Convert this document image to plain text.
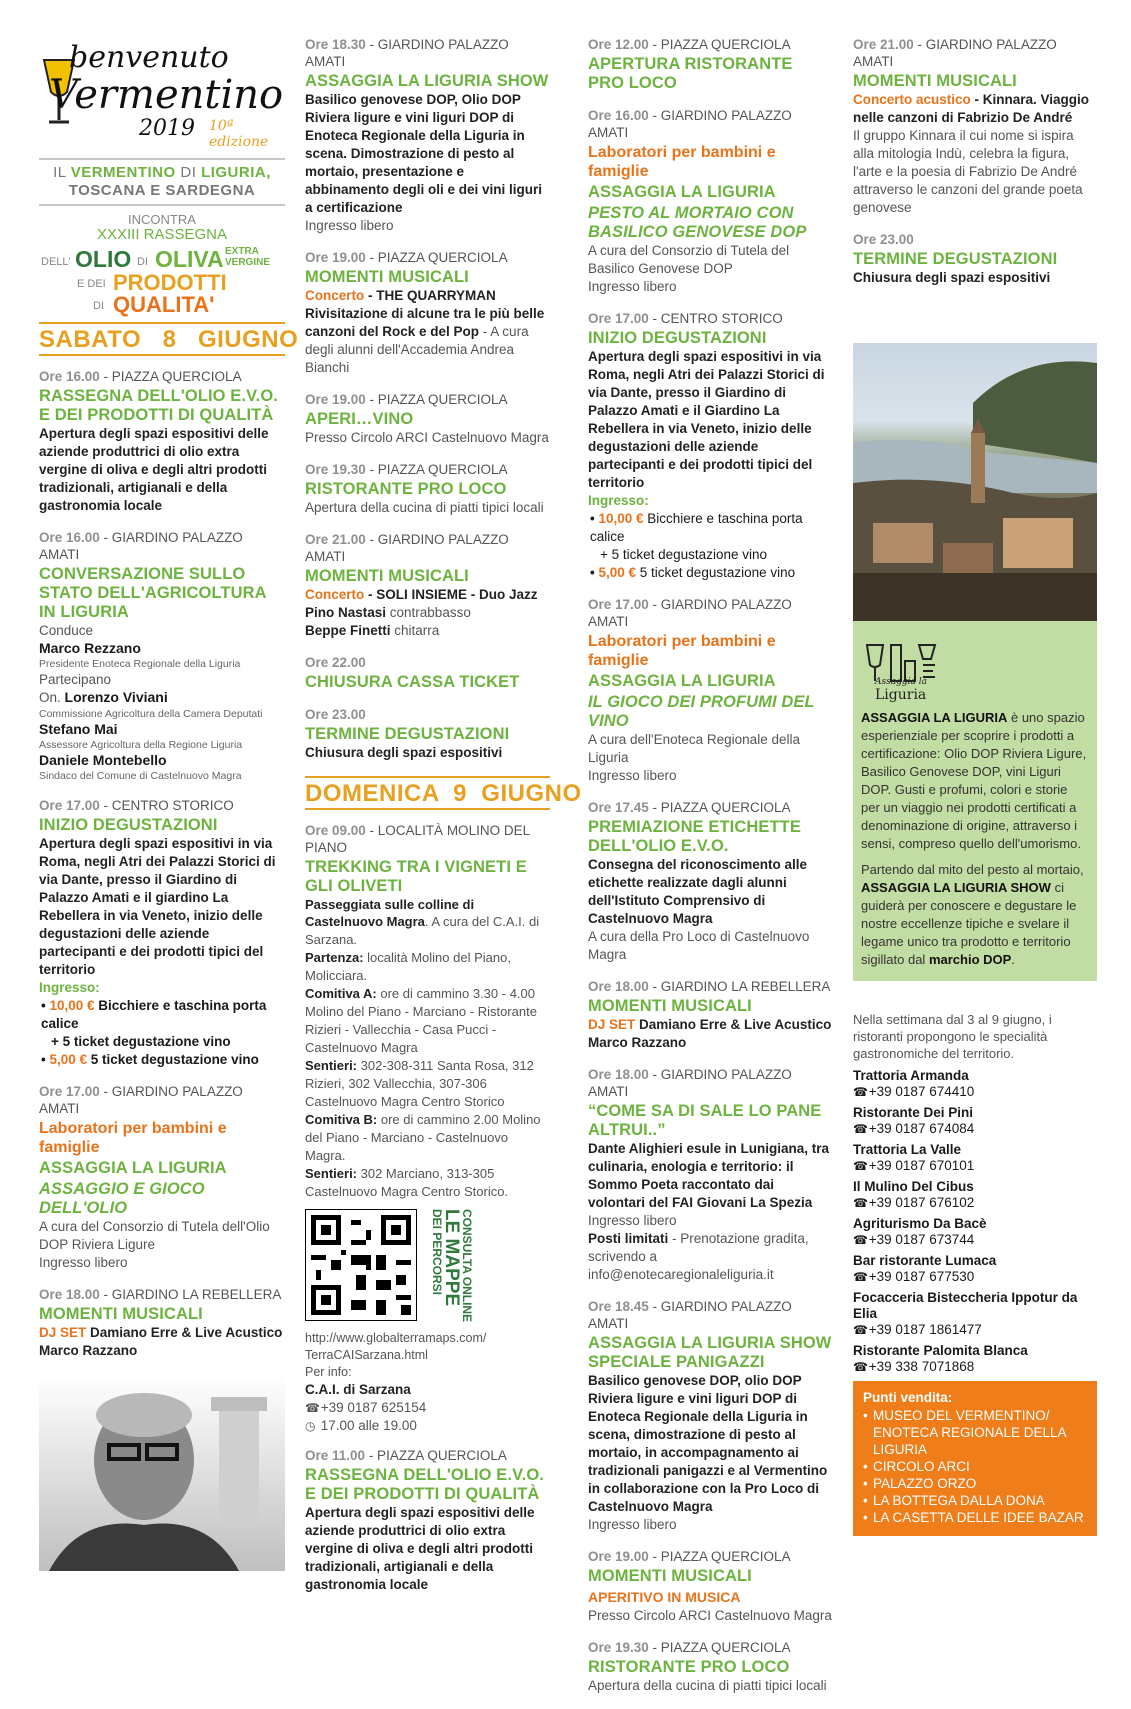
benvenuto
Vermentino
2019 10ª edizione
IL VERMENTINO DI LIGURIA,
TOSCANA E SARDEGNA
INCONTRA
XXXIII RASSEGNA
DELL' OLIO DI OLIVA EXTRA
VERGINE
E DEI PRODOTTI
DI QUALITA'
SABATO   8   GIUGNO
Ore 16.00 - PIAZZA QUERCIOLA
RASSEGNA DELL'OLIO E.V.O. E DEI PRODOTTI DI QUALITÀ
Apertura degli spazi espositivi delle aziende produttrici di olio extra vergine di oliva e degli altri prodotti tradizionali, artigianali e della gastronomia locale
Ore 16.00 - GIARDINO PALAZZO AMATI
CONVERSAZIONE SULLO STATO DELL'AGRICOLTURA IN LIGURIA
Conduce
Marco Rezzano
Presidente Enoteca Regionale della Liguria
Partecipano
On. Lorenzo Viviani
Commissione Agricoltura della Camera Deputati
Stefano Mai
Assessore Agricoltura della Regione Liguria
Daniele Montebello
Sindaco del Comune di Castelnuovo Magra
Ore 17.00 - CENTRO STORICO
INIZIO DEGUSTAZIONI
Apertura degli spazi espositivi in via Roma, negli Atri dei Palazzi Storici di via Dante, presso il Giardino di Palazzo Amati e il giardino La Rebellera in via Veneto, inizio delle degustazioni delle aziende partecipanti e dei prodotti tipici del territorio
Ingresso:
• 10,00 € Bicchiere e taschina porta calice
+ 5 ticket degustazione vino
• 5,00 € 5 ticket degustazione vino
Ore 17.00 - GIARDINO PALAZZO AMATI
Laboratori per bambini e famiglie
ASSAGGIA LA LIGURIA
ASSAGGIO E GIOCO DELL'OLIO
A cura del Consorzio di Tutela dell'Olio DOP Riviera Ligure
Ingresso libero
Ore 18.00 - GIARDINO LA REBELLERA
MOMENTI MUSICALI
DJ SET Damiano Erre & Live Acustico
Marco Razzano

Ore 18.30 - GIARDINO PALAZZO AMATI
ASSAGGIA LA LIGURIA SHOW
Basilico genovese DOP, Olio DOP Riviera ligure e vini liguri DOP di Enoteca Regionale della Liguria in scena. Dimostrazione di pesto al mortaio, presentazione e abbinamento degli oli e dei vini liguri a certificazione
Ingresso libero
Ore 19.00 - PIAZZA QUERCIOLA
MOMENTI MUSICALI
Concerto - THE QUARRYMAN
Rivisitazione di alcune tra le più belle canzoni del Rock e del Pop - A cura degli alunni dell'Accademia Andrea Bianchi
Ore 19.00 - PIAZZA QUERCIOLA
APERI…VINO
Presso Circolo ARCI Castelnuovo Magra
Ore 19.30 - PIAZZA QUERCIOLA
RISTORANTE PRO LOCO
Apertura della cucina di piatti tipici locali
Ore 21.00 - GIARDINO PALAZZO AMATI
MOMENTI MUSICALI
Concerto - SOLI INSIEME - Duo Jazz
Pino Nastasi contrabbasso
Beppe Finetti chitarra
Ore 22.00
CHIUSURA CASSA TICKET
Ore 23.00
TERMINE DEGUSTAZIONI
Chiusura degli spazi espositivi
DOMENICA  9  GIUGNO
Ore 09.00 - LOCALITÀ MOLINO DEL PIANO
TREKKING TRA I VIGNETI E GLI OLIVETI
Passeggiata sulle colline di Castelnuovo Magra. A cura del C.A.I. di Sarzana.
Partenza: località Molino del Piano, Molicciara.
Comitiva A: ore di cammino 3.30 - 4.00 Molino del Piano - Marciano - Ristorante Rizieri - Vallecchia - Casa Pucci - Castelnuovo Magra
Sentieri: 302-308-311 Santa Rosa, 312 Rizieri, 302 Vallecchia, 307-306 Castelnuovo Magra Centro Storico
Comitiva B: ore di cammino 2.00 Molino del Piano - Marciano - Castelnuovo Magra.
Sentieri: 302 Marciano, 313-305 Castelnuovo Magra Centro Storico.
CONSULTA ONLINE
LE MAPPE
DEI PERCORSI
http://www.globalterramaps.com/ TerraCAISarzana.html
Per info:
C.A.I. di Sarzana
☎ +39 0187 625154
◷ 17.00 alle 19.00
Ore 11.00 - PIAZZA QUERCIOLA
RASSEGNA DELL'OLIO E.V.O. E DEI PRODOTTI DI QUALITÀ
Apertura degli spazi espositivi delle aziende produttrici di olio extra vergine di oliva e degli altri prodotti tradizionali, artigianali e della gastronomia locale
Ore 12.00 - PIAZZA QUERCIOLA
APERTURA RISTORANTE PRO LOCO
Ore 16.00 - GIARDINO PALAZZO AMATI
Laboratori per bambini e famiglie
ASSAGGIA LA LIGURIA
PESTO AL MORTAIO CON BASILICO GENOVESE DOP
A cura del Consorzio di Tutela del Basilico Genovese DOP
Ingresso libero
Ore 17.00 - CENTRO STORICO
INIZIO DEGUSTAZIONI
Apertura degli spazi espositivi in via Roma, negli Atri dei Palazzi Storici di via Dante, presso il Giardino di Palazzo Amati e il Giardino La Rebellera in via Veneto, inizio delle degustazioni delle aziende partecipanti e dei prodotti tipici del territorio
Ingresso:
• 10,00 € Bicchiere e taschina porta calice
+ 5 ticket degustazione vino
• 5,00 € 5 ticket degustazione vino
Ore 17.00 - GIARDINO PALAZZO AMATI
Laboratori per bambini e famiglie
ASSAGGIA LA LIGURIA
IL GIOCO DEI PROFUMI DEL VINO
A cura dell'Enoteca Regionale della Liguria
Ingresso libero
Ore 17.45 - PIAZZA QUERCIOLA
PREMIAZIONE ETICHETTE DELL'OLIO E.V.O.
Consegna del riconoscimento alle etichette realizzate dagli alunni dell'Istituto Comprensivo di Castelnuovo Magra
A cura della Pro Loco di Castelnuovo Magra
Ore 18.00 - GIARDINO LA REBELLERA
MOMENTI MUSICALI
DJ SET Damiano Erre & Live Acustico
Marco Razzano
Ore 18.00 - GIARDINO PALAZZO AMATI
“COME SA DI SALE LO PANE ALTRUI..”
Dante Alighieri esule in Lunigiana, tra culinaria, enologia e territorio: il Sommo Poeta raccontato dai volontari del FAI Giovani La Spezia
Ingresso libero
Posti limitati - Prenotazione gradita, scrivendo a info@enotecaregionaleliguria.it
Ore 18.45 - GIARDINO PALAZZO AMATI
ASSAGGIA LA LIGURIA SHOW SPECIALE PANIGAZZI
Basilico genovese DOP, olio DOP Riviera ligure e vini liguri DOP di Enoteca Regionale della Liguria in scena, dimostrazione di pesto al mortaio, in accompagnamento ai tradizionali panigazzi e al Vermentino in collaborazione con la Pro Loco di Castelnuovo Magra
Ingresso libero
Ore 19.00 - PIAZZA QUERCIOLA
MOMENTI MUSICALI
APERITIVO IN MUSICA
Presso Circolo ARCI Castelnuovo Magra
Ore 19.30 - PIAZZA QUERCIOLA
RISTORANTE PRO LOCO
Apertura della cucina di piatti tipici locali
Ore 21.00 - GIARDINO PALAZZO AMATI
MOMENTI MUSICALI
Concerto acustico - Kinnara. Viaggio nelle canzoni di Fabrizio De André
Il gruppo Kinnara il cui nome si ispira alla mitologia Indù, celebra la figura, l'arte e la poesia di Fabrizio De André attraverso le canzoni del grande poeta genovese
Ore 23.00
TERMINE DEGUSTAZIONI
Chiusura degli spazi espositivi
Assaggia la
Liguria

ASSAGGIA LA LIGURIA è uno spazio esperienziale per scoprire i prodotti a certificazione: Olio DOP Riviera Ligure, Basilico Genovese DOP, vini Liguri DOP. Gusti e profumi, colori e storie per un viaggio nei prodotti certificati a denominazione di origine, attraverso i sensi, compreso quello dell'umorismo.

Partendo dal mito del pesto al mortaio, ASSAGGIA LA LIGURIA SHOW ci guiderà per conoscere e degustare le nostre eccellenze tipiche e svelare il legame unico tra prodotto e territorio sigillato dal marchio DOP.

Nella settimana dal 3 al 9 giugno, i ristoranti propongono le specialità gastronomiche del territorio.
Trattoria Armanda
☎ +39 0187 674410
Ristorante Dei Pini
☎ +39 0187 674084
Trattoria La Valle
☎ +39 0187 670101
Il Mulino Del Cibus
☎ +39 0187 676102
Agriturismo Da Bacè
☎ +39 0187 673744
Bar ristorante Lumaca
☎ +39 0187 677530
Focacceria Bistecchеria Ippotur da Elia
☎ +39 0187 1861477
Ristorante Palomita Blanca
☎ +39 338 7071868
Punti vendita:
• MUSEO DEL VERMENTINO/ ENOTECA REGIONALE DELLA LIGURIA
• CIRCOLO ARCI
• PALAZZO ORZO
• LA BOTTEGA DALLA DONA
• LA CASETTA DELLE IDEE BAZAR
